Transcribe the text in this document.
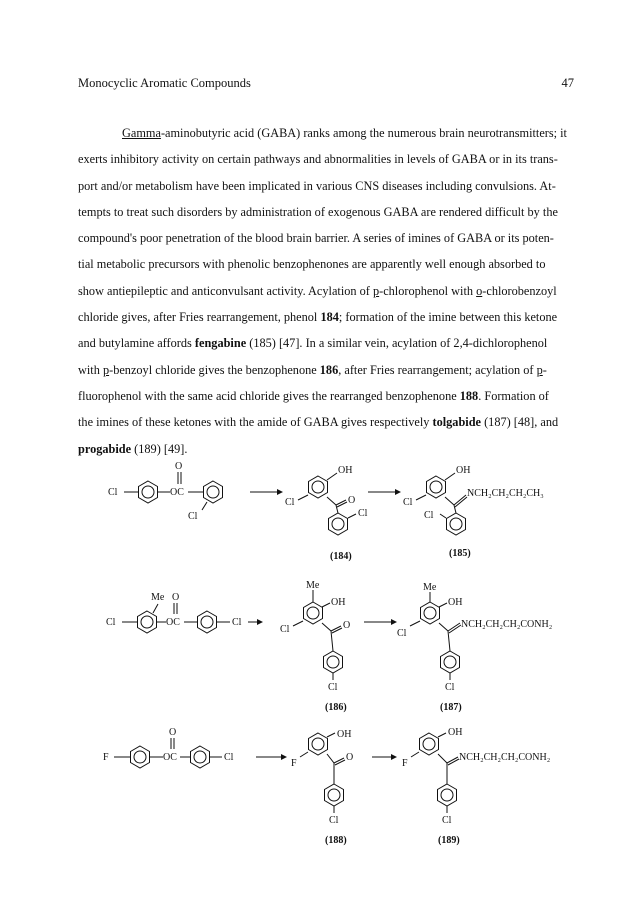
Monocyclic Aromatic Compounds	47
Gamma-aminobutyric acid (GABA) ranks among the numerous brain neurotransmitters; it
exerts inhibitory activity on certain pathways and abnormalities in levels of GABA or in its trans-
port and/or metabolism have been implicated in various CNS diseases including convulsions. At-
tempts to treat such disorders by administration of exogenous GABA are rendered difficult by the
compound's poor penetration of the blood brain barrier. A series of imines of GABA or its poten-
tial metabolic precursors with phenolic benzophenones are apparently well enough absorbed to
show antiepileptic and anticonvulsant activity. Acylation of p-chlorophenol with o-chlorobenzoyl
chloride gives, after Fries rearrangement, phenol 184; formation of the imine between this ketone
and butylamine affords fengabine (185) [47]. In a similar vein, acylation of 2,4-dichlorophenol
with p-benzoyl chloride gives the benzophenone 186, after Fries rearrangement; acylation of p-
fluorophenol with the same acid chloride gives the rearranged benzophenone 188. Formation of
the imines of these ketones with the amide of GABA gives respectively tolgabide (187) [48], and
progabide (189) [49].
Cl	OC
O
Cl
OH
Cl	O
Cl
OH
Cl
NCH₂CH₂CH₂CH₃
Cl
(184)	(185)
Cl
Me
OC
O
Cl
Me
OH
Cl	O
Cl
Me
OH
Cl
NCH₂CH₂CH₂CONH₂
Cl
(186)	(187)
F	OC
O
Cl
OH
F
O
Cl
OH
F
NCH₂CH₂CH₂CONH₂
Cl
(188)	(189)
